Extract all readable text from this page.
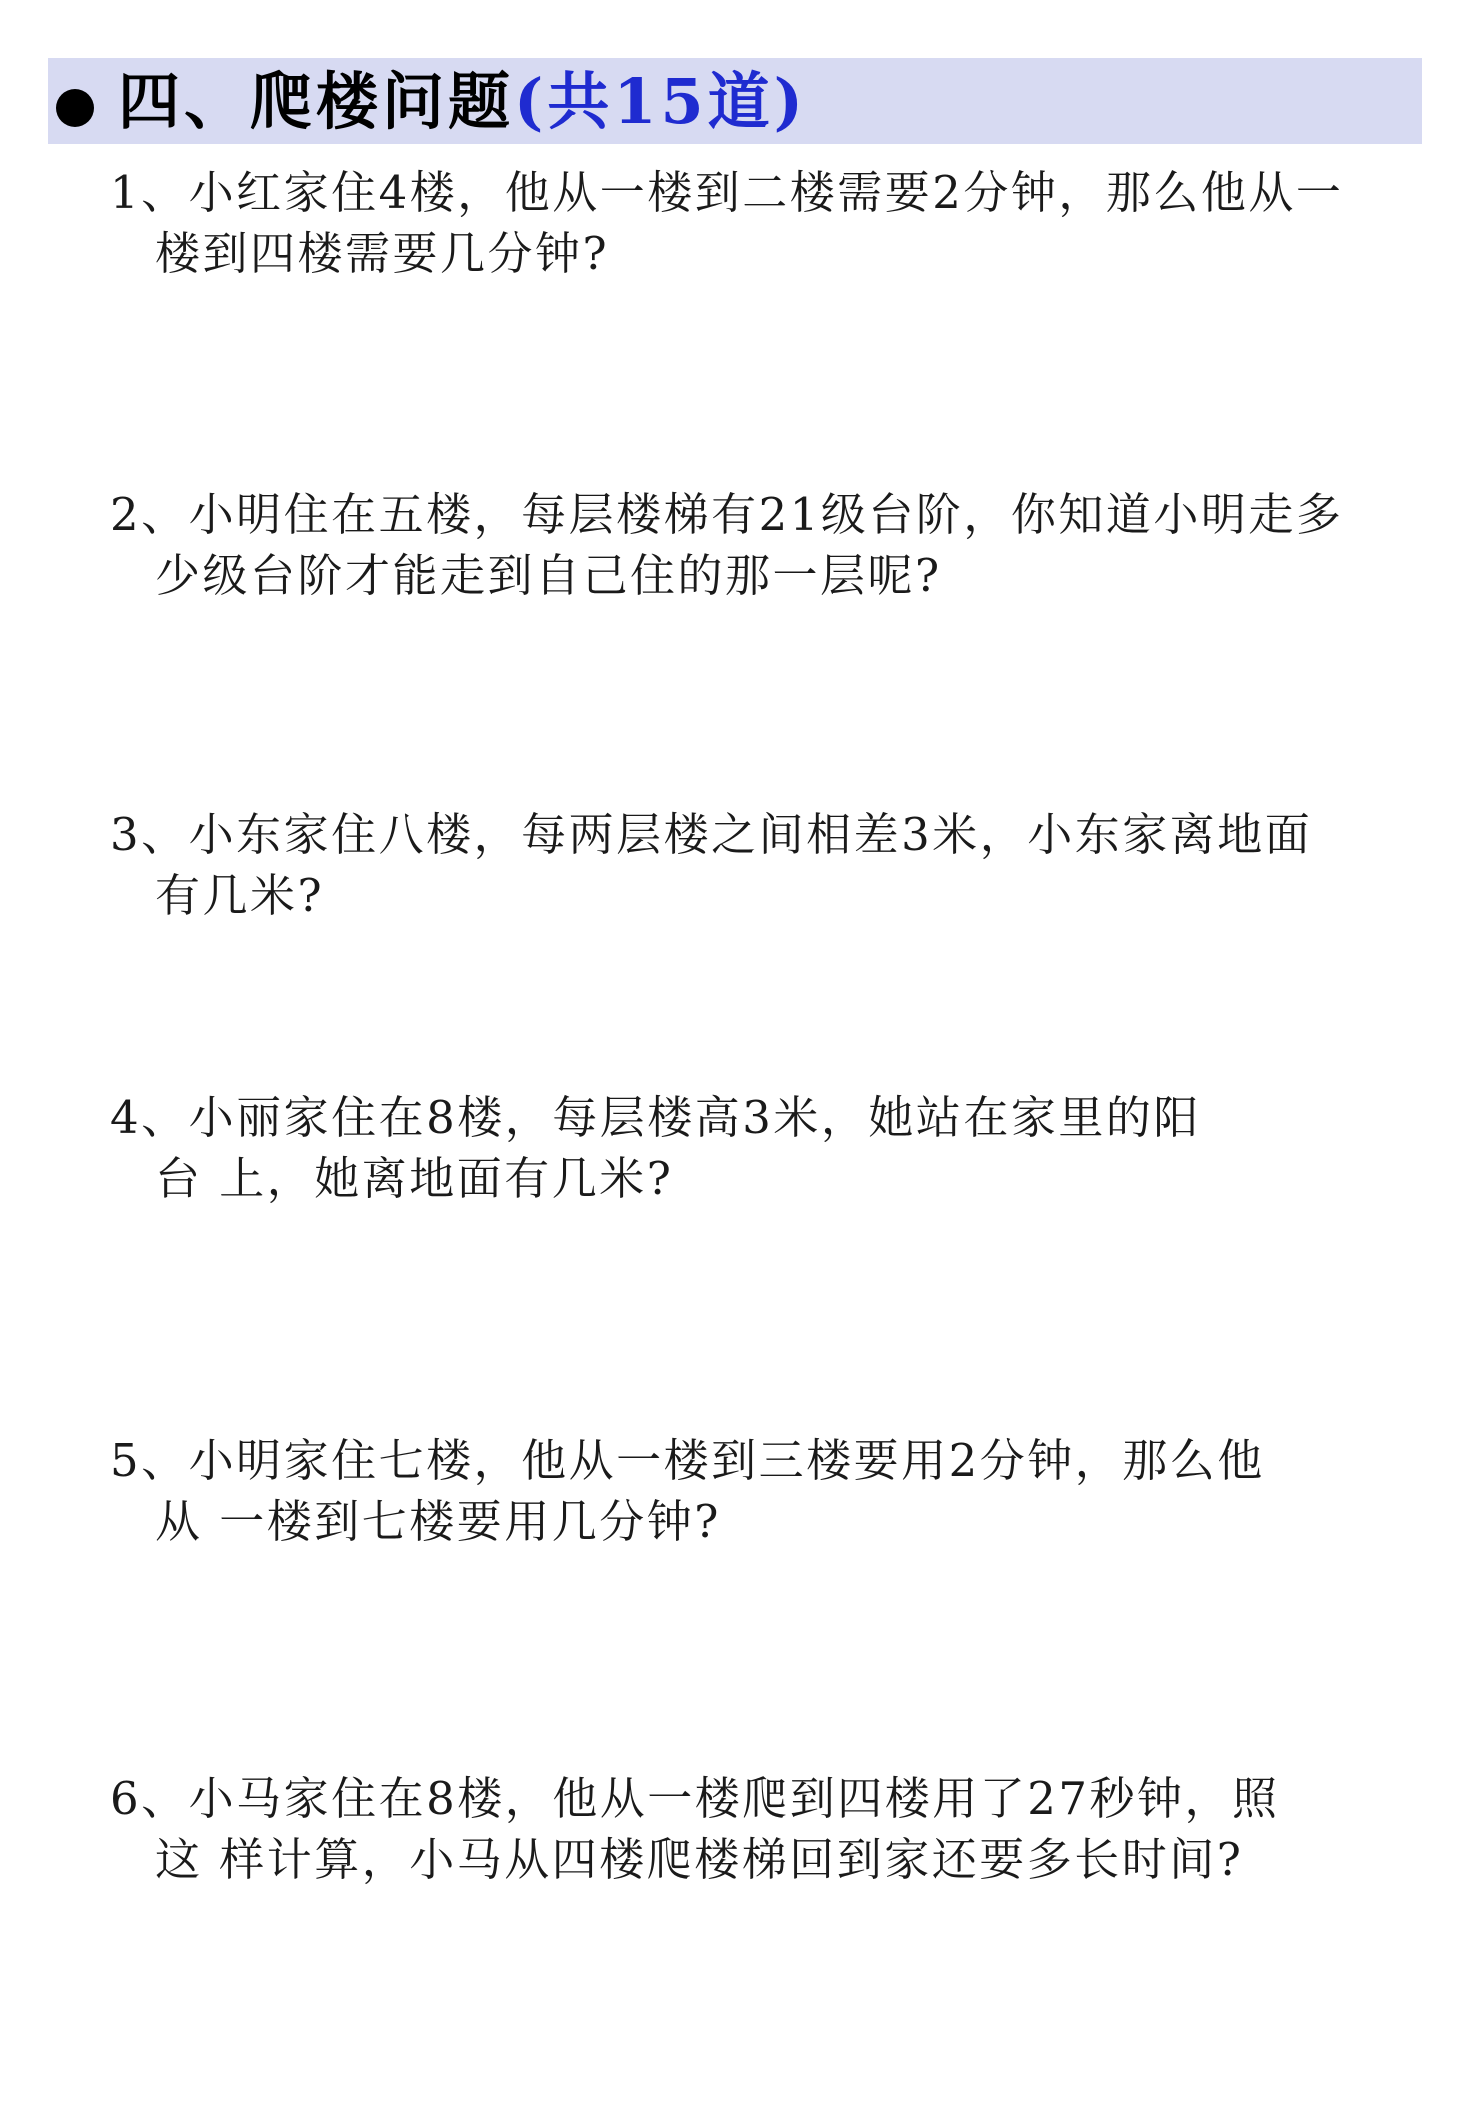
四、爬楼问题(共15道)
1、小红家住4楼，他从一楼到二楼需要2分钟，那么他从一
楼到四楼需要几分钟?
2、小明住在五楼，每层楼梯有21级台阶，你知道小明走多
少级台阶才能走到自己住的那一层呢?
3、小东家住八楼，每两层楼之间相差3米，小东家离地面
有几米?
4、小丽家住在8楼，每层楼高3米，她站在家里的阳
台 上，她离地面有几米?
5、小明家住七楼，他从一楼到三楼要用2分钟，那么他
从 一楼到七楼要用几分钟?
6、小马家住在8楼，他从一楼爬到四楼用了27秒钟，照
这 样计算，小马从四楼爬楼梯回到家还要多长时间?
